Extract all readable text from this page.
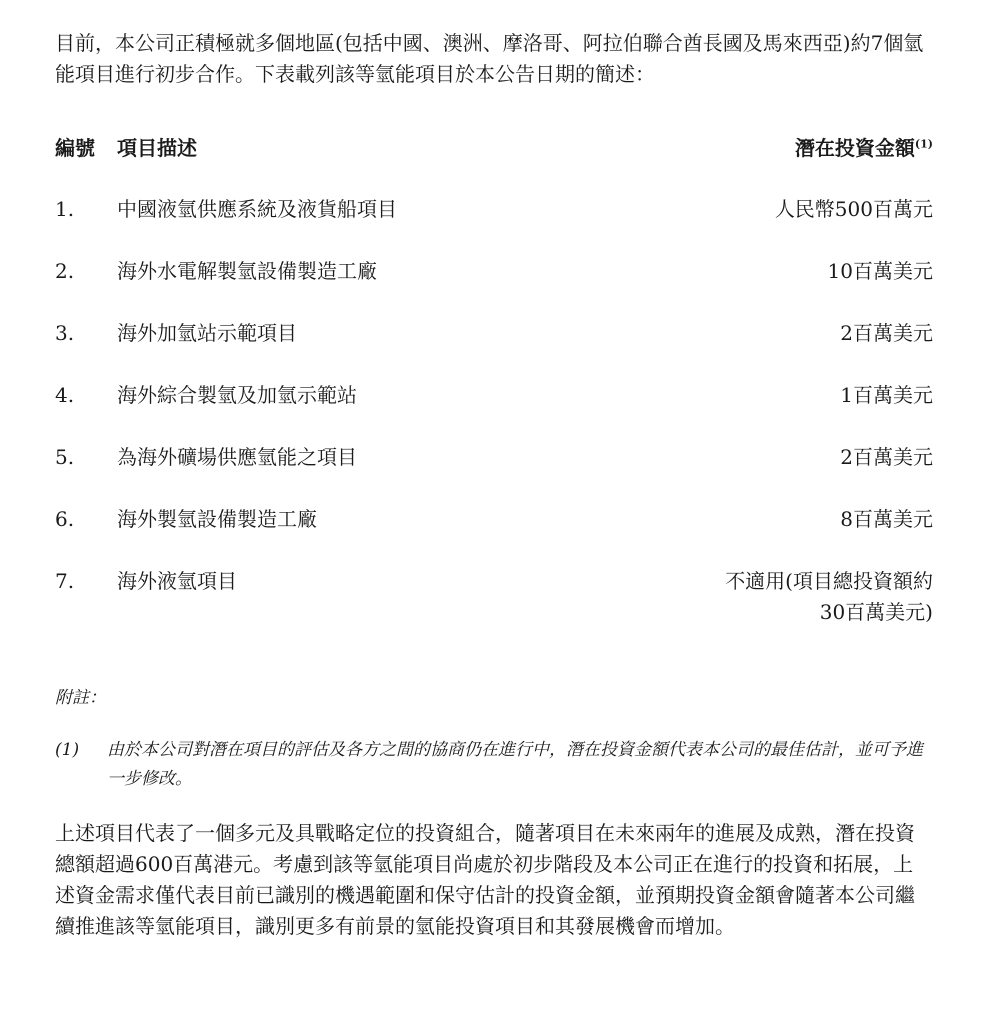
目前，本公司正積極就多個地區(包括中國、澳洲、摩洛哥、阿拉伯聯合酋長國及馬來西亞)約7個氫能項目進行初步合作。下表載列該等氫能項目於本公告日期的簡述：

編號	項目描述	潛在投資金額$^{(1)}$
1.	中國液氫供應系統及液貨船項目	人民幣500百萬元
2.	海外水電解製氫設備製造工廠	10百萬美元
3.	海外加氫站示範項目	2百萬美元
4.	海外綜合製氫及加氫示範站	1百萬美元
5.	為海外礦場供應氫能之項目	2百萬美元
6.	海外製氫設備製造工廠	8百萬美元
7.	海外液氫項目	不適用(項目總投資額約
30百萬美元)
附註：
(1)	由於本公司對潛在項目的評估及各方之間的協商仍在進行中，潛在投資金額代表本公司的最佳估計，並可予進一步修改。

上述項目代表了一個多元及具戰略定位的投資組合，隨著項目在未來兩年的進展及成熟，潛在投資總額超過600百萬港元。考慮到該等氫能項目尚處於初步階段及本公司正在進行的投資和拓展，上述資金需求僅代表目前已識別的機遇範圍和保守估計的投資金額，並預期投資金額會隨著本公司繼續推進該等氫能項目，識別更多有前景的氫能投資項目和其發展機會而增加。
